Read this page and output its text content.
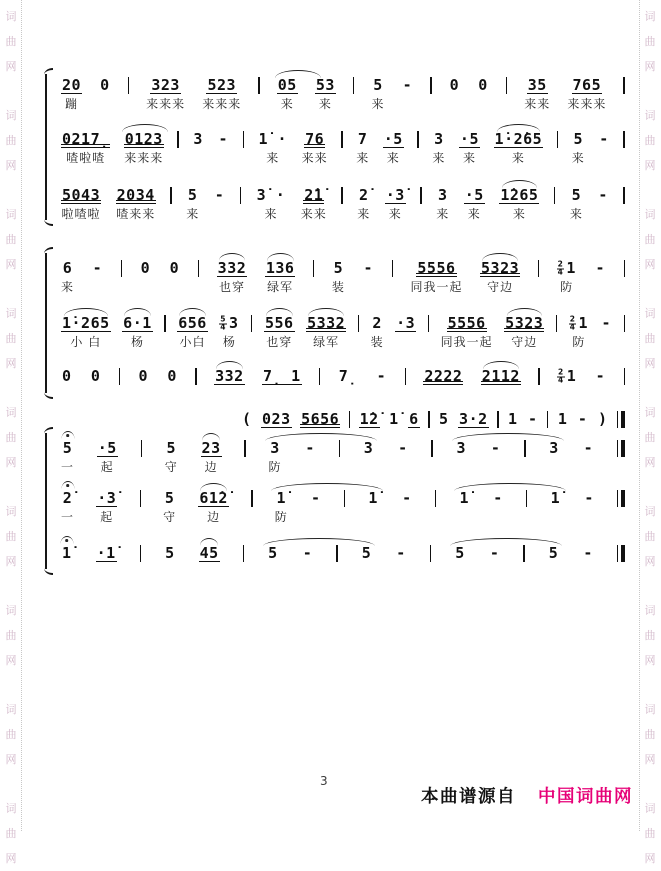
词
曲
网
词
曲
网
词
曲
网
词
曲
网
词
曲
网
词
曲
网
词
曲
网
词
曲
网
词
曲
网
词
曲
网
词
曲
网
词
曲
网
词
曲
网
词
曲
网
词
曲
网
词
曲
网
词
曲
网
词
曲
网
20
蹦
0	323
来来来
523
来来来
05
来
53
来
5
来
-	0 0	35
来来
765
来来来
0217̣
喳啦喳
0123
来来来
3 - 1̇ ·
来
76
来来
7
来
·5
来
3
来
·5
来
1̇·2̇65
来
5
来
-
5043
啦喳啦
2034
喳来来
5
来
- 3̇ ·
来
2̇1̇
来来
2̇
来
·3̇
来
3
来
·5
来
1̇265
来
5
来
-
6
来
-	0 0	332
也穿
136
绿军
5
装
-	5556
同我一起
5323
守边
$\frac{2}{4} 1$
防
-
1̇·265
小 白
6·1
杨
656
小白
$\frac{5}{4} 3$
杨
556
也穿
5332
绿军
2
装
·3 5556
同我一起
5323
守边
$\frac{2}{4} 1$
防
-
0 0	0 0	332 7̣ 1	7̣ -	2222 2112	$\frac{2}{4} 1$ -
( 023 5656 1̇2̇ 1̇ 6 5 3·2 1 - 1 - )
5
一
·5
起
5
守
23
边
3
防
-	3 -	3 -	3 -
2̇
一
·3̇
起
5
守
61̇2̇
边
1̇
防
-	1̇ -	1̇ -	1̇ -
1̇ ·1̇	5 45	5 -	5 -	5 -	5 -
3
本曲谱源自 中国词曲网
